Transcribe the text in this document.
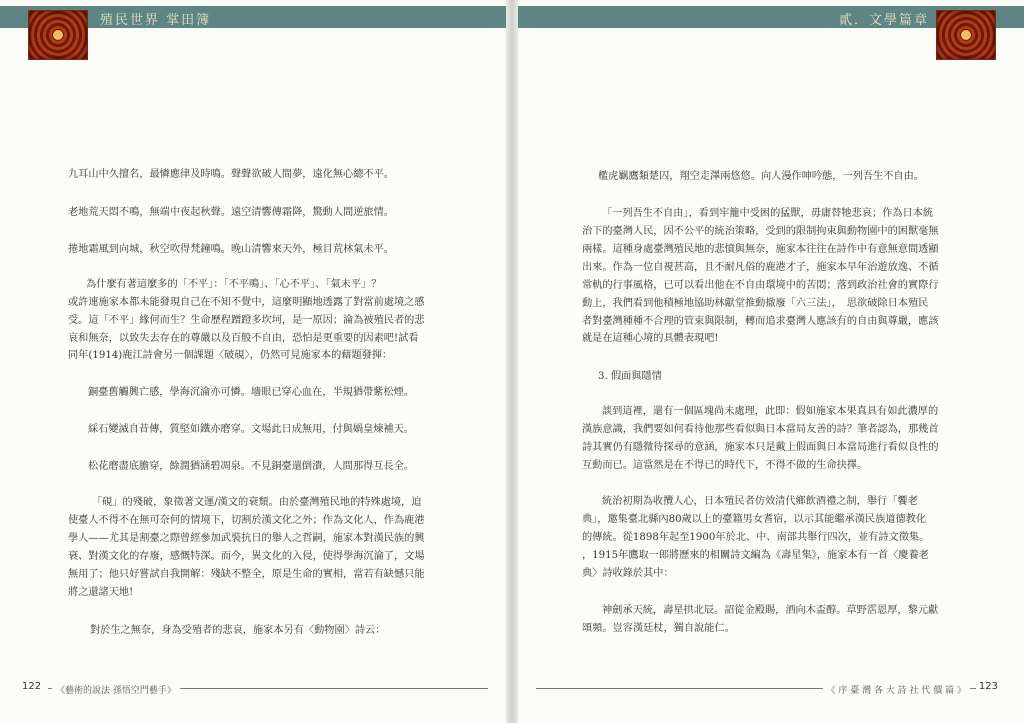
殖民世界 掌田簿
九耳山中久擅名，最憐應律及時鳴。聲聲欲破人間夢，遠化無心總不平。
老地荒天悶不鳴，無端中夜起秋聲。遠空清響傳霜降，驚動人間逆旅情。
捲地霜風到向城，秋空吹得梵鐘鳴。晚山清響來天外，極目荒林氣未平。
為什麼有著這麼多的「不平」：「不平鳴」、「心不平」、「氣未平」？
或許連施家本都未能發現自己在不知不覺中，這麼明顯地透露了對當前處境之感
受。這「不平」緣何而生？生命歷程蹭蹬多坎坷，是一原因；淪為被殖民者的悲
哀和無奈，以致失去存在的尊嚴以及百般不自由，恐怕是更重要的因素吧!試看
同年(1914)鹿江詩會另一個課題〈破硯〉，仍然可見施家本的藉題發揮：
銅臺舊觸興亡感，學海沉淪亦可憐。墻眼已穿心血在，半規猶帶紫松煙。
綵石變滅自昔傳，質堅如鐵亦磨穿。文場此日成無用，付與媧皇煉補天。
松花磨盡底膽穿，餘潤猶涵碧凋泉。不見銅臺還倒潰，人間那得互長全。
「硯」的殘破，象徵著文運/漢文的衰頹。由於臺灣殖民地的特殊處境，迫
使臺人不得不在無可奈何的情境下，切割於漢文化之外；作為文化人，作為鹿港
學人——尤其是割臺之際曾經參加武裝抗日的舉人之哲嗣，施家本對漢民族的興
衰、對漢文化的存廢，感慨特深。而今，異文化的入侵，使得學海沉淪了，文場
無用了；他只好嘗試自我開解：殘缺不整全，原是生命的實相，當若有缺憾只能
將之還諸天地!
對於生之無奈，身為受殖者的悲哀，施家本另有〈動物園〉詩云：
《藝術的說法 孫悟空門藝手》
122
貳．文學篇章
檻虎羈鷹類楚囚，翔空走澤兩悠悠。向人漫作呻吟態，一列吾生不自由。
「一列吾生不自由」，看到牢籠中受困的猛獸，毋庸替牠悲哀；作為日本統
治下的臺灣人民，因不公平的統治策略，受到的限制拘束與動物園中的困獸毫無
兩樣。這種身處臺灣殖民地的悲憤與無奈，施家本往往在詩作中有意無意間透顯
出來。作為一位自視甚高，且不耐凡俗的鹿港才子，施家本早年治遊放逸、不循
常軌的行事風格，已可以看出他在不自由環境中的苦悶；落到政治社會的實際行
動上，我們看到他積極地協助林獻堂推動撤廢「六三法」，　思欲破除日本殖民
者對臺灣種種不合理的管束與限制，轉而追求臺灣人應該有的自由與尊嚴，應該
就是在這種心境的具體表現吧!
3. 假面與隱情
談到這裡，還有一個區塊尚未處理，此即：假如施家本果真具有如此濃厚的
漢族意識，我們要如何看待他那些看似與日本當局友善的詩？筆者認為，那幾首
詩其實仍有隱微待探尋的意涵，施家本只是戴上假面與日本當局進行看似良性的
互動而已。這當然是在不得已的時代下，不得不做的生命抉擇。
統治初期為收攬人心，日本殖民者仿效清代鄉飲酒禮之制，舉行「饗老
典」，邀集臺北縣內80歲以上的臺籍男女耆宿，以示其能繼承漢民族道德教化
的傳統。從1898年起至1900年於北、中、南部共舉行四次，並有詩文徵集。
，1915年鷹取一郎將歷來的相關詩文編為《壽星集》，施家本有一首〈慶養老
典〉詩收錄於其中：
神劍承天統，壽星拱北辰。詔從金殿賜，酒向木盃醇。草野霑恩厚，黎元獻
頌頻。豈容漢廷杖，獨自說能仁。
《 序 臺 灣 各 大 詩 社 代 價 篇 》	123
